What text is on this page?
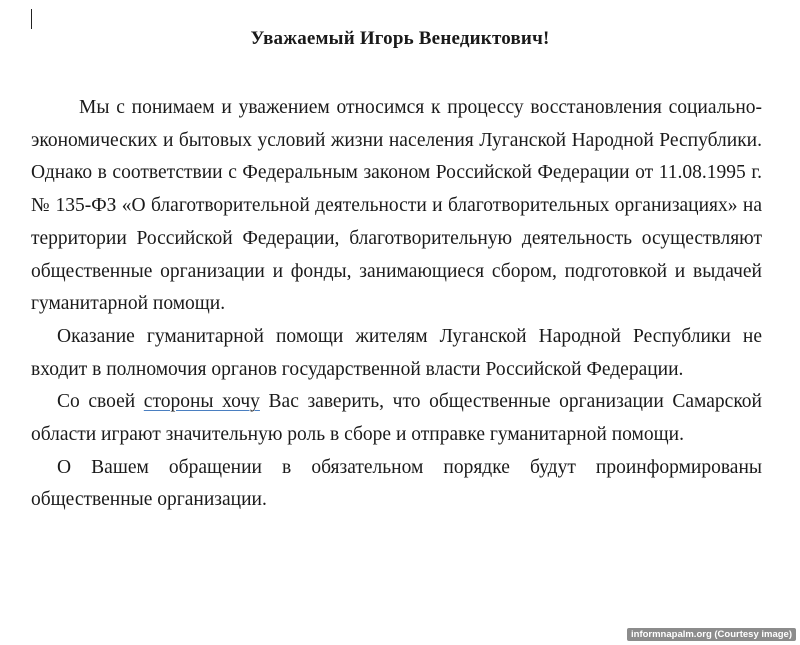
Уважаемый Игорь Венедиктович!

Мы с понимаем и уважением относимся к процессу восстановления социально-экономических и бытовых условий жизни населения Луганской Народной Республики. Однако в соответствии с Федеральным законом Российской Федерации от 11.08.1995 г. № 135-ФЗ «О благотворительной деятельности и благотворительных организациях» на территории Российской Федерации, благотворительную деятельность осуществляют общественные организации и фонды, занимающиеся сбором, подготовкой и выдачей гуманитарной помощи.

Оказание гуманитарной помощи жителям Луганской Народной Республики не входит в полномочия органов государственной власти Российской Федерации.

Со своей стороны хочу Вас заверить, что общественные организации Самарской области играют значительную роль в сборе и отправке гуманитарной помощи.

О Вашем обращении в обязательном порядке будут проинформированы общественные организации.

informnapalm.org (Courtesy image)
